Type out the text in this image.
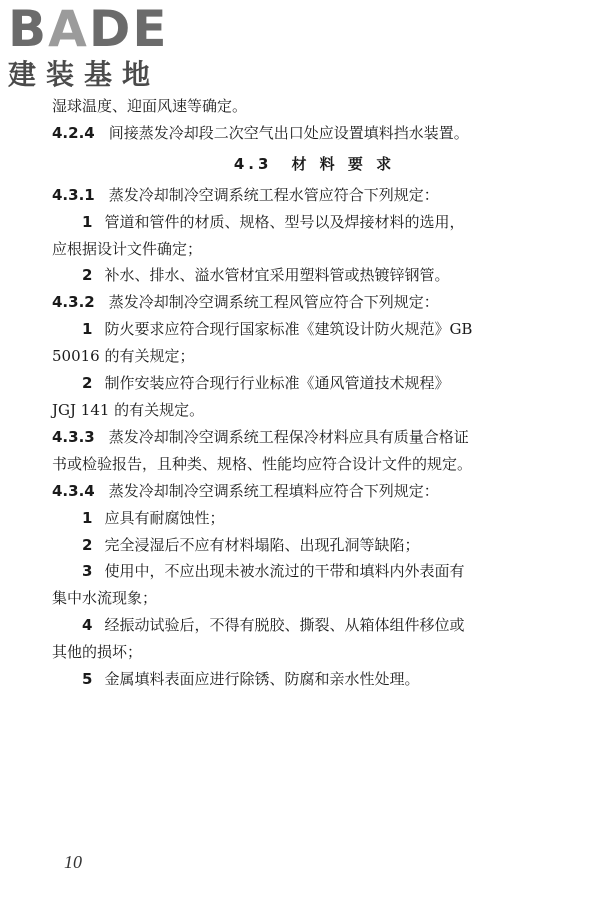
BADE
建装基地

湿球温度、迎面风速等确定。

4.2.4 间接蒸发冷却段二次空气出口处应设置填料挡水装置。

4.3　材 料 要 求

4.3.1 蒸发冷却制冷空调系统工程水管应符合下列规定：

1 管道和管件的材质、规格、型号以及焊接材料的选用，

应根据设计文件确定；

2 补水、排水、溢水管材宜采用塑料管或热镀锌钢管。

4.3.2 蒸发冷却制冷空调系统工程风管应符合下列规定：

1 防火要求应符合现行国家标准《建筑设计防火规范》GB

50016 的有关规定；

2 制作安装应符合现行行业标准《通风管道技术规程》

JGJ 141 的有关规定。

4.3.3 蒸发冷却制冷空调系统工程保冷材料应具有质量合格证

书或检验报告，且种类、规格、性能均应符合设计文件的规定。

4.3.4 蒸发冷却制冷空调系统工程填料应符合下列规定：

1 应具有耐腐蚀性；

2 完全浸湿后不应有材料塌陷、出现孔洞等缺陷；

3 使用中，不应出现未被水流过的干带和填料内外表面有

集中水流现象；

4 经振动试验后，不得有脱胶、撕裂、从箱体组件移位或

其他的损坏；

5 金属填料表面应进行除锈、防腐和亲水性处理。

10
